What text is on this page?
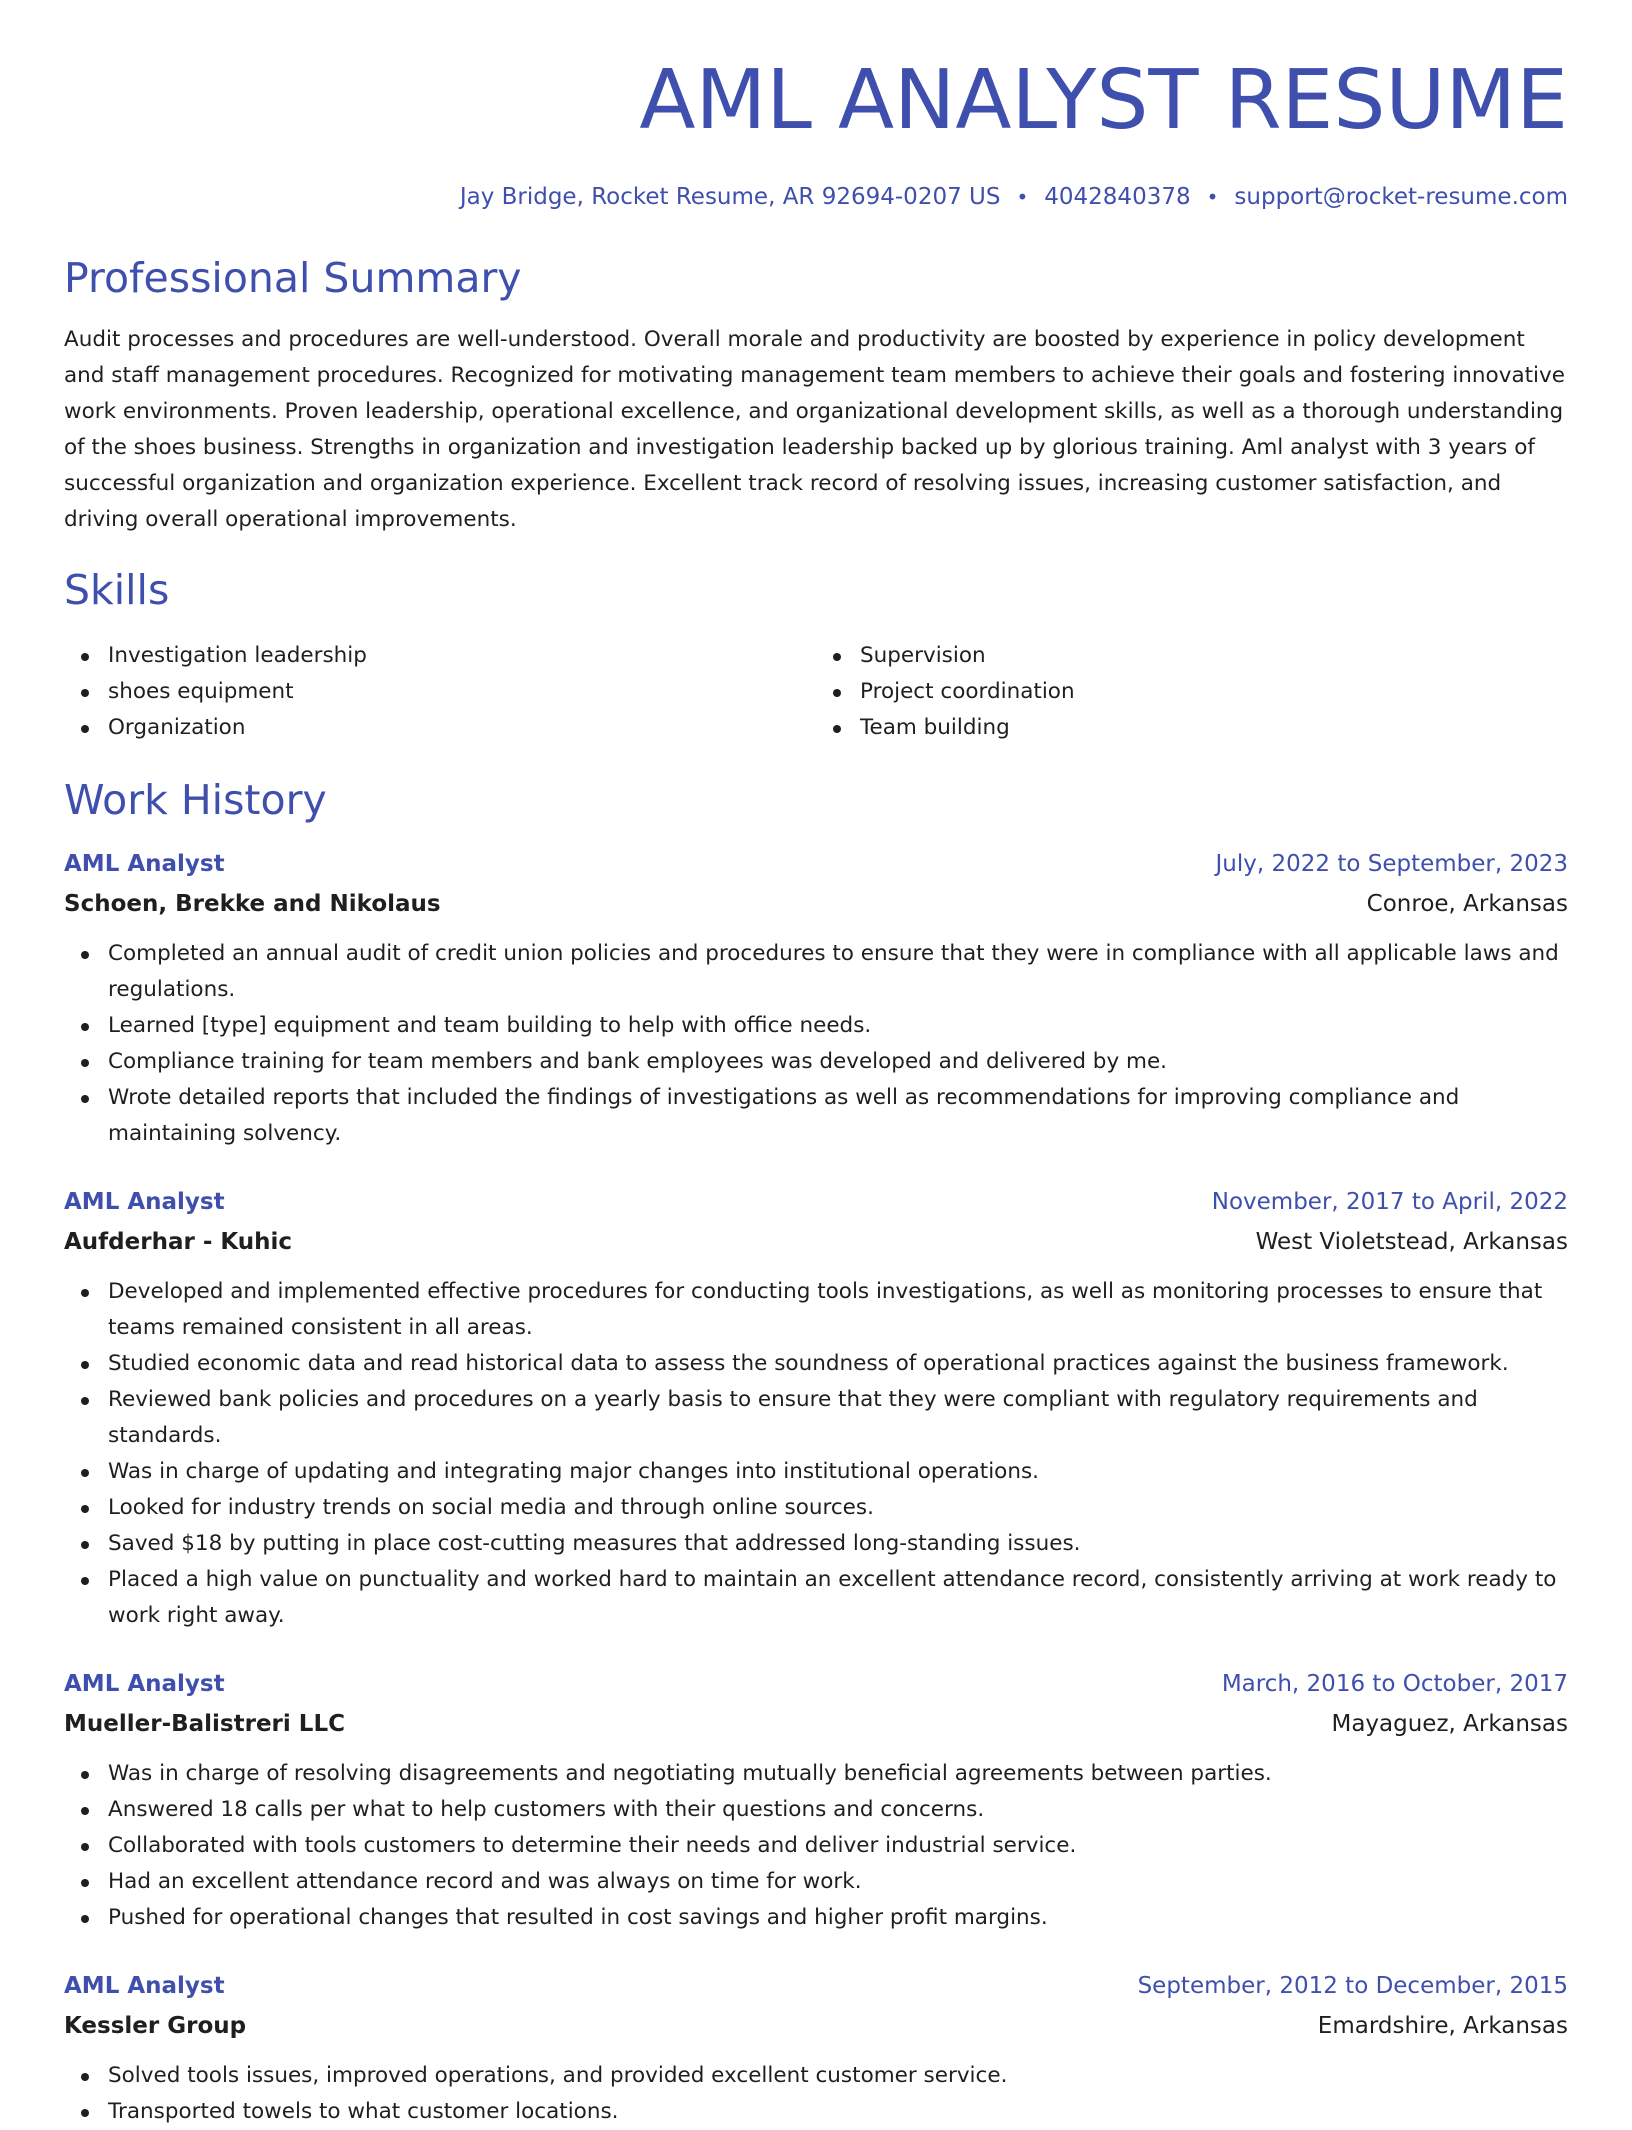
AML ANALYST RESUME
Jay Bridge, Rocket Resume, AR 92694-0207 US • 4042840378 • support@rocket-resume.com
Professional Summary
Audit processes and procedures are well-understood. Overall morale and productivity are boosted by experience in policy development and staff management procedures. Recognized for motivating management team members to achieve their goals and fostering innovative work environments. Proven leadership, operational excellence, and organizational development skills, as well as a thorough understanding of the shoes business. Strengths in organization and investigation leadership backed up by glorious training. Aml analyst with 3 years of successful organization and organization experience. Excellent track record of resolving issues, increasing customer satisfaction, and driving overall operational improvements.
Skills
Investigation leadership
shoes equipment
Organization
Supervision
Project coordination
Team building
Work History
AML Analyst	July, 2022 to September, 2023
Schoen, Brekke and Nikolaus	Conroe, Arkansas
Completed an annual audit of credit union policies and procedures to ensure that they were in compliance with all applicable laws and regulations.
Learned [type] equipment and team building to help with office needs.
Compliance training for team members and bank employees was developed and delivered by me.
Wrote detailed reports that included the findings of investigations as well as recommendations for improving compliance and maintaining solvency.
AML Analyst	November, 2017 to April, 2022
Aufderhar - Kuhic	West Violetstead, Arkansas
Developed and implemented effective procedures for conducting tools investigations, as well as monitoring processes to ensure that teams remained consistent in all areas.
Studied economic data and read historical data to assess the soundness of operational practices against the business framework.
Reviewed bank policies and procedures on a yearly basis to ensure that they were compliant with regulatory requirements and standards.
Was in charge of updating and integrating major changes into institutional operations.
Looked for industry trends on social media and through online sources.
Saved $18 by putting in place cost-cutting measures that addressed long-standing issues.
Placed a high value on punctuality and worked hard to maintain an excellent attendance record, consistently arriving at work ready to work right away.
AML Analyst	March, 2016 to October, 2017
Mueller-Balistreri LLC	Mayaguez, Arkansas
Was in charge of resolving disagreements and negotiating mutually beneficial agreements between parties.
Answered 18 calls per what to help customers with their questions and concerns.
Collaborated with tools customers to determine their needs and deliver industrial service.
Had an excellent attendance record and was always on time for work.
Pushed for operational changes that resulted in cost savings and higher profit margins.
AML Analyst	September, 2012 to December, 2015
Kessler Group	Emardshire, Arkansas
Solved tools issues, improved operations, and provided excellent customer service.
Transported towels to what customer locations.
